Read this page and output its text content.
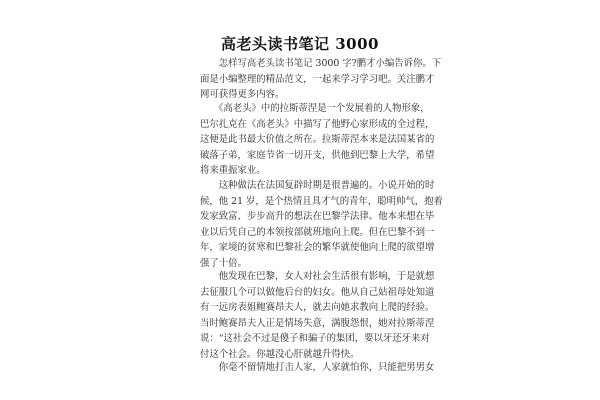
高老头读书笔记 3000

　　怎样写高老头读书笔记 3000 字?鹏才小编告诉你。下
面是小编整理的精品范文，一起来学习学习吧。关注鹏才
网可获得更多内容。

　　《高老头》中的拉斯蒂涅是一个发展着的人物形象，
巴尔扎克在《高老头》中描写了他野心家形成的全过程，
这便是此书最大价值之所在。拉斯蒂涅本来是法国某省的
破落子弟，家庭节省一切开支，供他到巴黎上大学，希望
将来重振家业。

　　这种做法在法国复辟时期是很普遍的。小说开始的时
候，他 21 岁，是个热情且具才气的青年，聪明帅气，抱着
发家致富、步步高升的想法在巴黎学法律。他本来想在毕
业以后凭自己的本领按部就班地向上爬。但在巴黎不到一
年，家境的贫寒和巴黎社会的繁华就使他向上爬的欲望增
强了十倍。

　　他发现在巴黎，女人对社会生活很有影响，于是就想
去征服几个可以做他后台的妇女。他从自己姑祖母处知道
有一远房表姐鲍赛昂夫人，就去向她求教向上爬的经验。
当时鲍赛昂夫人正是情场失意，满腹怨恨，她对拉斯蒂涅
说：“这社会不过是傻子和骗子的集团，要以牙还牙来对
付这个社会。你越没心肝就越升得快。

　　你毫不留情地打击人家，人家就怕你，只能把男男女
